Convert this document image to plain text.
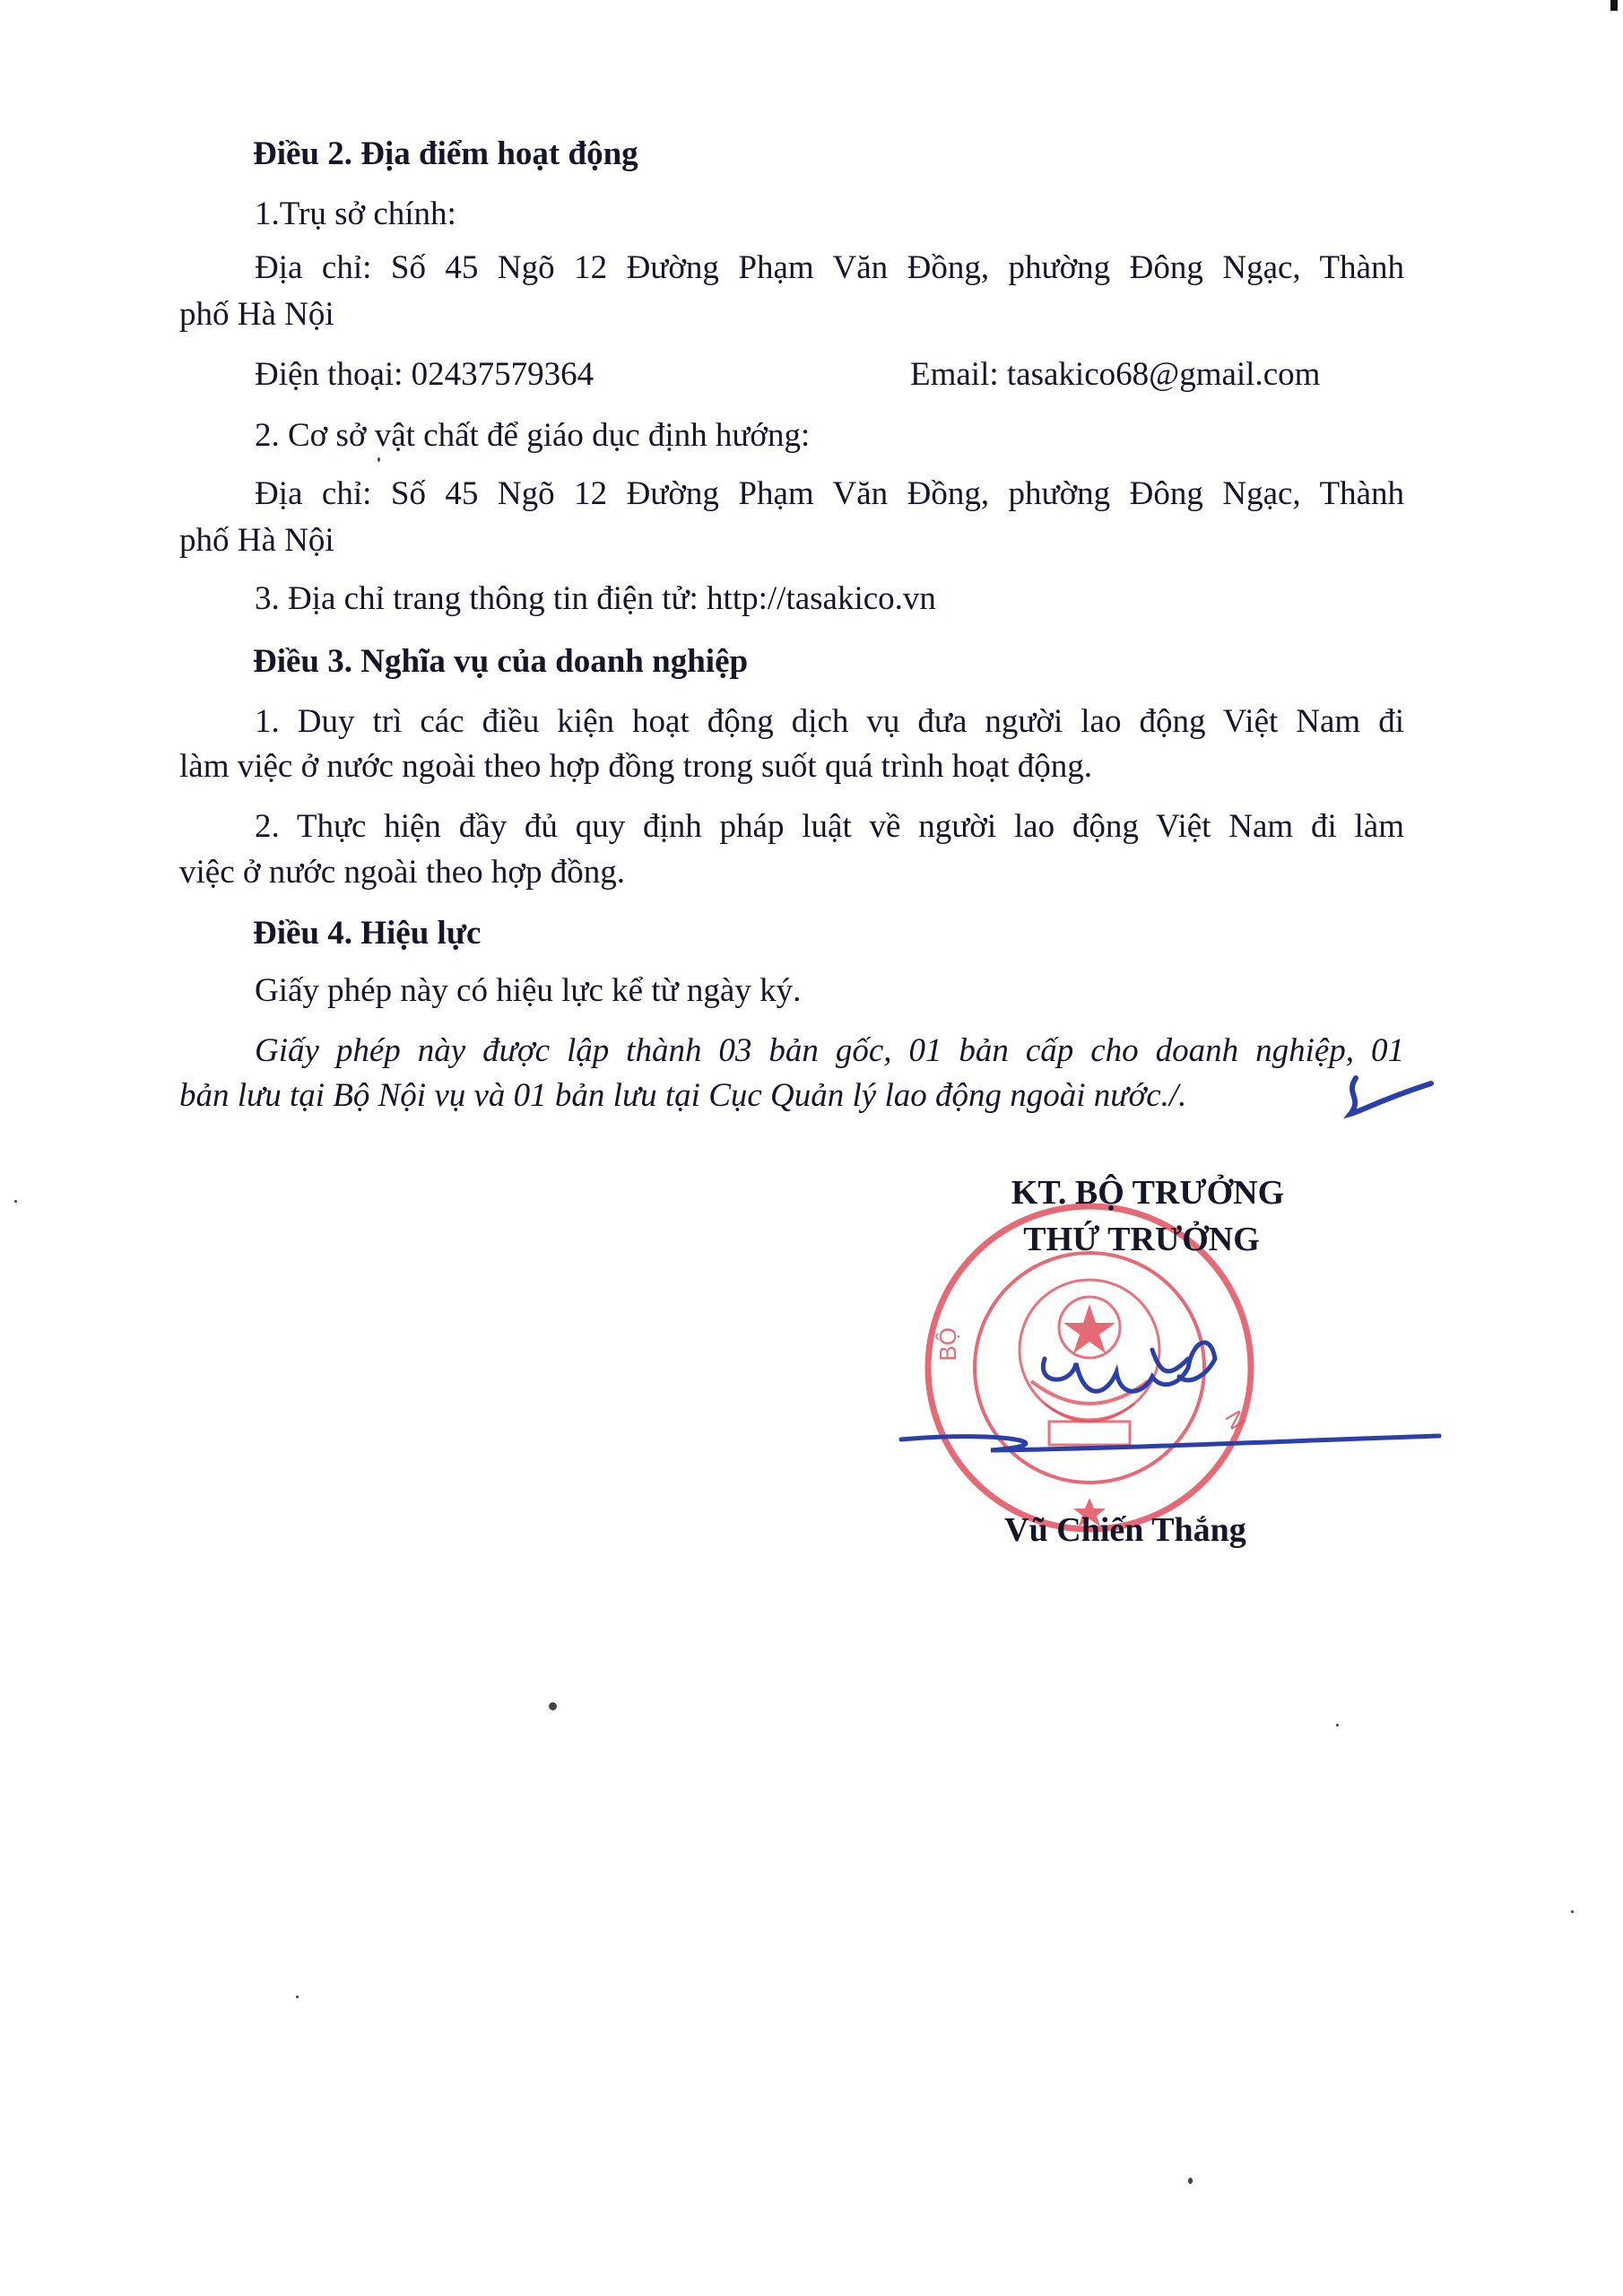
Điều 2. Địa điểm hoạt động
1.Trụ sở chính:
Địa chỉ: Số 45 Ngõ 12 Đường Phạm Văn Đồng, phường Đông Ngạc, Thành
phố Hà Nội
Điện thoại: 02437579364	Email: tasakico68@gmail.com
2. Cơ sở vật chất để giáo dục định hướng:
Địa chỉ: Số 45 Ngõ 12 Đường Phạm Văn Đồng, phường Đông Ngạc, Thành
phố Hà Nội
3. Địa chỉ trang thông tin điện tử: http://tasakico.vn
Điều 3. Nghĩa vụ của doanh nghiệp
1. Duy trì các điều kiện hoạt động dịch vụ đưa người lao động Việt Nam đi
làm việc ở nước ngoài theo hợp đồng trong suốt quá trình hoạt động.
2. Thực hiện đầy đủ quy định pháp luật về người lao động Việt Nam đi làm
việc ở nước ngoài theo hợp đồng.
Điều 4. Hiệu lực
Giấy phép này có hiệu lực kể từ ngày ký.
Giấy phép này được lập thành 03 bản gốc, 01 bản cấp cho doanh nghiệp, 01
bản lưu tại Bộ Nội vụ và 01 bản lưu tại Cục Quản lý lao động ngoài nước./.
BỘ
N
KT. BỘ TRƯỞNG
THỨ TRƯỞNG
Vũ Chiến Thắng
